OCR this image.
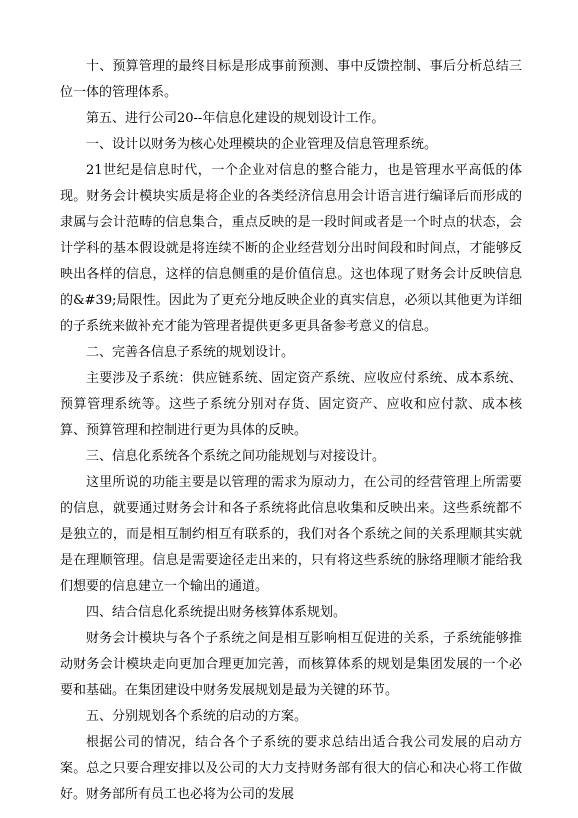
十、预算管理的最终目标是形成事前预测、事中反馈控制、事后分析总结三位一体的管理体系。

第五、进行公司20--年信息化建设的规划设计工作。

一、设计以财务为核心处理模块的企业管理及信息管理系统。

21世纪是信息时代，一个企业对信息的整合能力，也是管理水平高低的体现。财务会计模块实质是将企业的各类经济信息用会计语言进行编译后而形成的隶属与会计范畴的信息集合，重点反映的是一段时间或者是一个时点的状态，会计学科的基本假设就是将连续不断的企业经营划分出时间段和时间点，才能够反映出各样的信息，这样的信息侧重的是价值信息。这也体现了财务会计反映信息的&#39;局限性。因此为了更充分地反映企业的真实信息，必须以其他更为详细的子系统来做补充才能为管理者提供更多更具备参考意义的信息。

二、完善各信息子系统的规划设计。

主要涉及子系统：供应链系统、固定资产系统、应收应付系统、成本系统、预算管理系统等。这些子系统分别对存货、固定资产、应收和应付款、成本核算、预算管理和控制进行更为具体的反映。

三、信息化系统各个系统之间功能规划与对接设计。

这里所说的功能主要是以管理的需求为原动力，在公司的经营管理上所需要的信息，就要通过财务会计和各子系统将此信息收集和反映出来。这些系统都不是独立的，而是相互制约相互有联系的，我们对各个系统之间的关系理顺其实就是在理顺管理。信息是需要途径走出来的，只有将这些系统的脉络理顺才能给我们想要的信息建立一个输出的通道。

四、结合信息化系统提出财务核算体系规划。

财务会计模块与各个子系统之间是相互影响相互促进的关系，子系统能够推动财务会计模块走向更加合理更加完善，而核算体系的规划是集团发展的一个必要和基础。在集团建设中财务发展规划是最为关键的环节。

五、分别规划各个系统的启动的方案。

根据公司的情况，结合各个子系统的要求总结出适合我公司发展的启动方案。总之只要合理安排以及公司的大力支持财务部有很大的信心和决心将工作做好。财务部所有员工也必将为公司的发展
